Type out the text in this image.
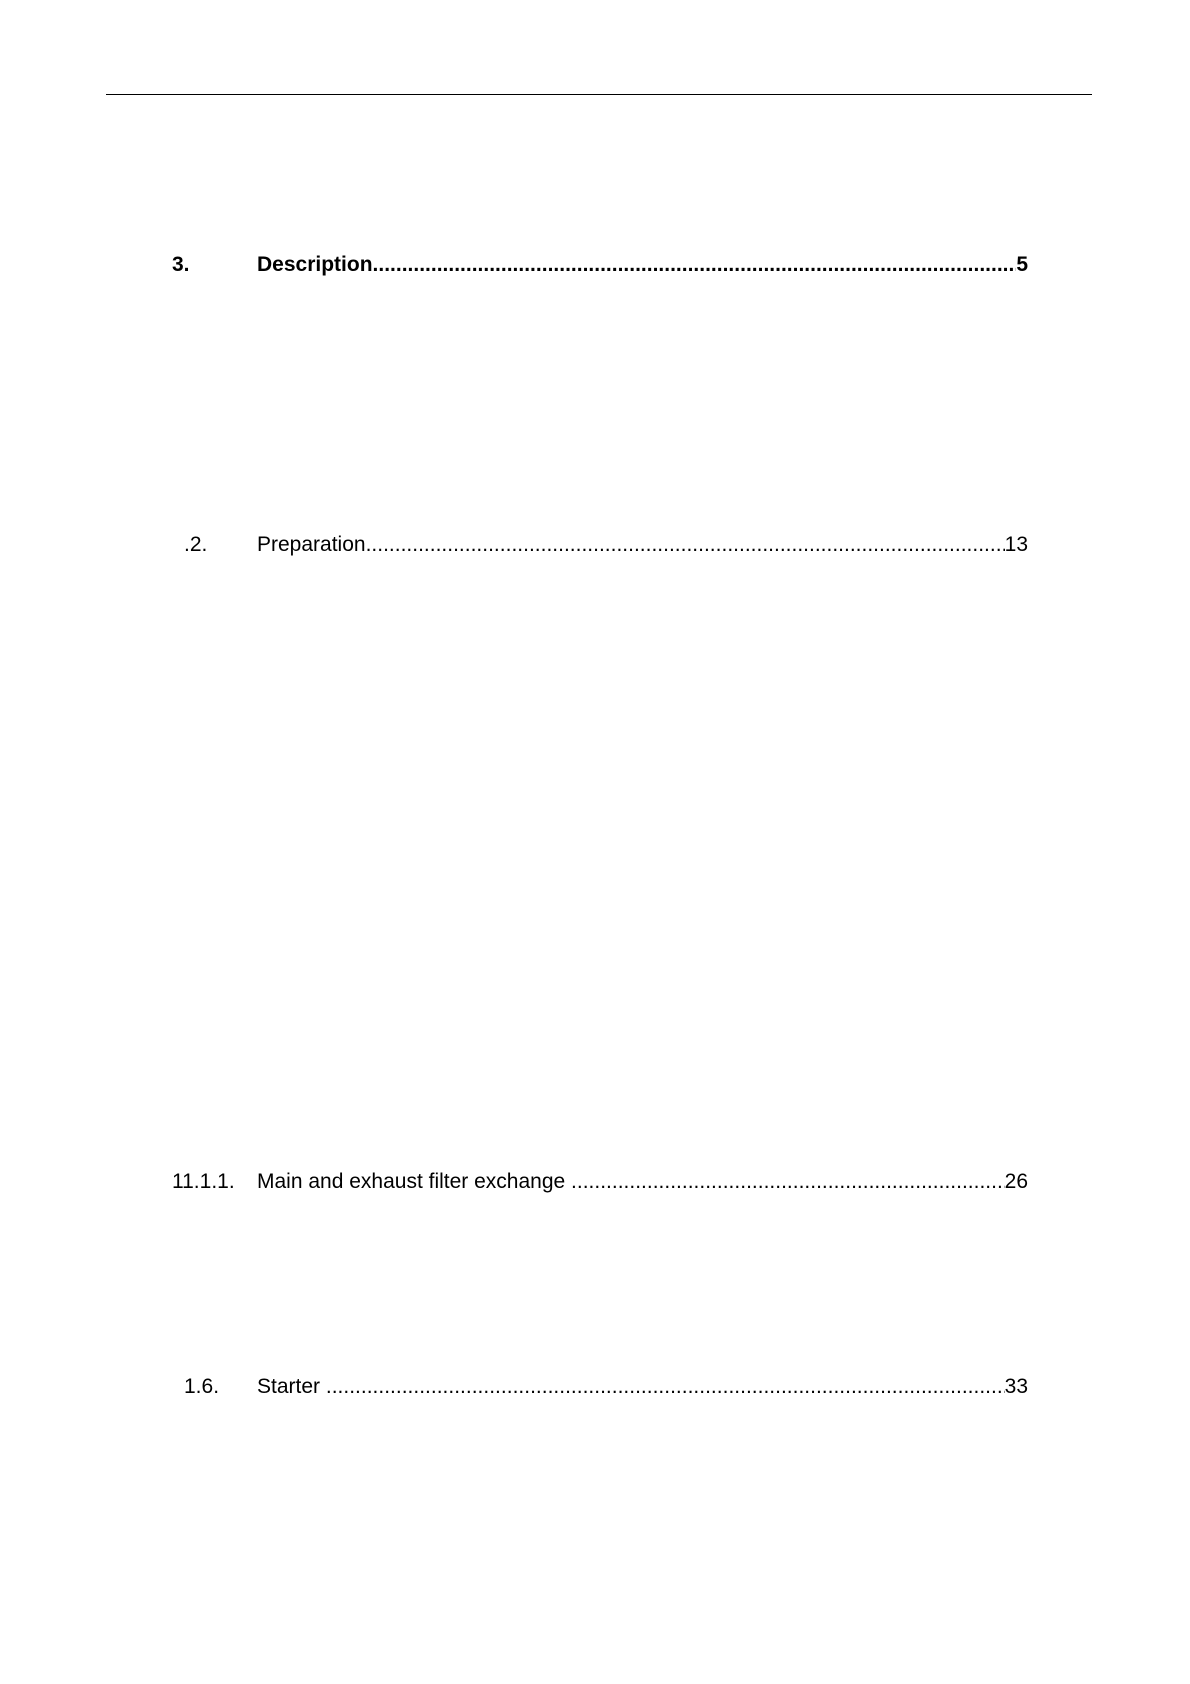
3.	Description .....	5
.2. Preparation .....	13
11.1.1. Main and exhaust filter exchange .....	26
1.6. Starter .....	33
